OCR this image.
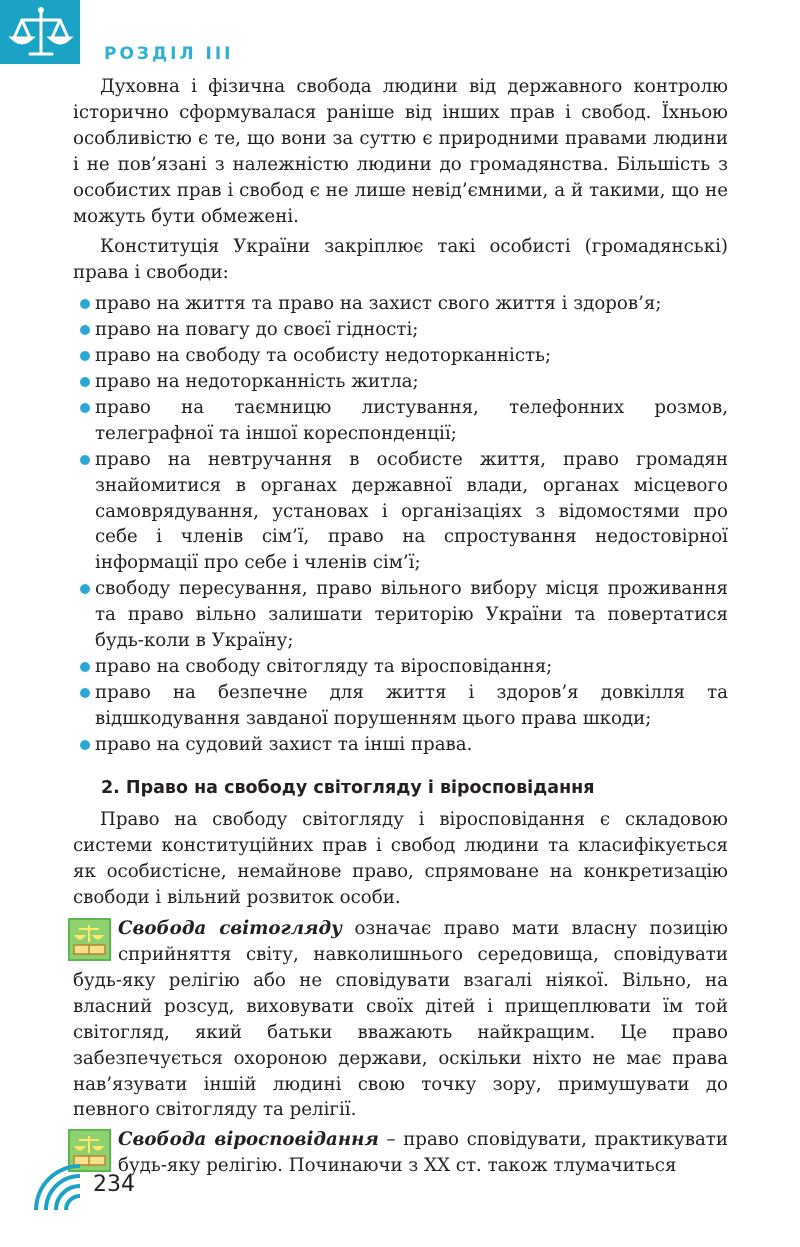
РОЗДІЛ III

Духовна і фізична свобода людини від державного контролю історично сформувалася раніше від інших прав і свобод. Їхньою особливістю є те, що вони за суттю є природними правами людини і не пов’язані з належністю людини до громадянства. Більшість з особистих прав і свобод є не лише невід’ємними, а й такими, що не можуть бути обмежені.

Конституція України закріплює такі особисті (громадянські) права і свободи:

право на життя та право на захист свого життя і здоров’я;
право на повагу до своєї гідності;
право на свободу та особисту недоторканність;
право на недоторканність житла;
право на таємницю листування, телефонних розмов, телеграфної та іншої кореспонденції;
право на невтручання в особисте життя, право громадян знайомитися в органах державної влади, органах місцевого самоврядування, установах і організаціях з відомостями про себе і членів сім’ї, право на спростування недостовірної інформації про себе і членів сім’ї;
свободу пересування, право вільного вибору місця проживання та право вільно залишати територію України та повертатися будь-коли в Україну;
право на свободу світогляду та віросповідання;
право на безпечне для життя і здоров’я довкілля та відшкодування завданої порушенням цього права шкоди;
право на судовий захист та інші права.
2. Право на свободу світогляду і віросповідання

Право на свободу світогляду і віросповідання є складовою системи конституційних прав і свобод людини та класифікується як особистісне, немайнове право, спрямоване на конкретизацію свободи і вільний розвиток особи.

Свобода світогляду означає право мати власну позицію сприйняття світу, навколишнього середовища, сповідувати будь-яку релігію або не сповідувати взагалі ніякої. Вільно, на власний розсуд, виховувати своїх дітей і прищеплювати їм той світогляд, який батьки вважають найкращим. Це право забезпечується охороною держави, оскільки ніхто не має права нав’язувати іншій людині свою точку зору, примушувати до певного світогляду та релігії.

Свобода віросповідання – право сповідувати, практикувати будь-яку релігію. Починаючи з XX ст. також тлумачиться

234
